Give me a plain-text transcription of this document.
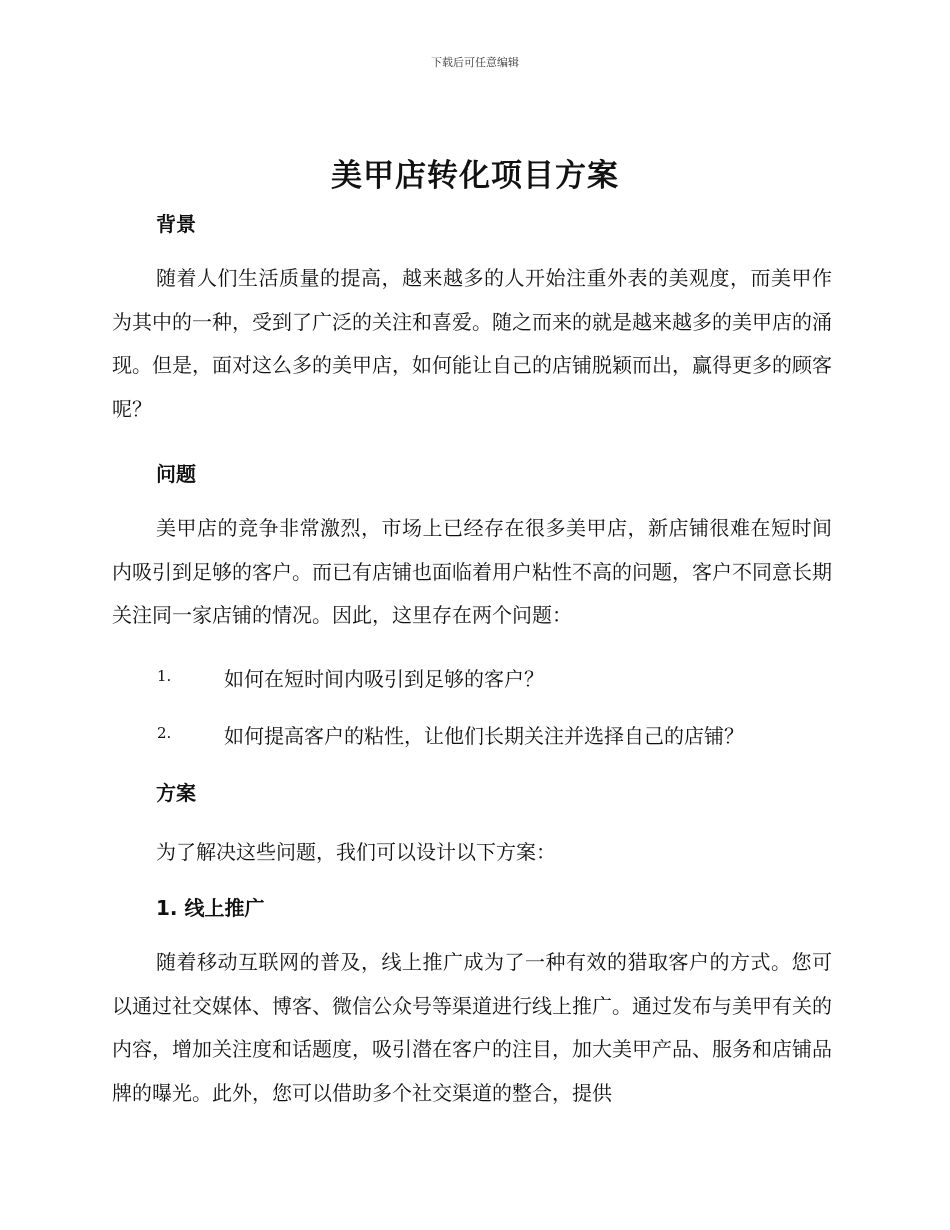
下载后可任意编辑
美甲店转化项目方案
背景

随着人们生活质量的提高，越来越多的人开始注重外表的美观度，而美甲作为其中的一种，受到了广泛的关注和喜爱。随之而来的就是越来越多的美甲店的涌现。但是，面对这么多的美甲店，如何能让自己的店铺脱颖而出，赢得更多的顾客呢？

问题

美甲店的竞争非常激烈，市场上已经存在很多美甲店，新店铺很难在短时间内吸引到足够的客户。而已有店铺也面临着用户粘性不高的问题，客户不同意长期关注同一家店铺的情况。因此，这里存在两个问题：

1.	如何在短时间内吸引到足够的客户？
2.	如何提高客户的粘性，让他们长期关注并选择自己的店铺？
方案
为了解决这些问题，我们可以设计以下方案：
1. 线上推广

随着移动互联网的普及，线上推广成为了一种有效的猎取客户的方式。您可以通过社交媒体、博客、微信公众号等渠道进行线上推广。通过发布与美甲有关的内容，增加关注度和话题度，吸引潜在客户的注目，加大美甲产品、服务和店铺品牌的曝光。此外，您可以借助多个社交渠道的整合，提供
